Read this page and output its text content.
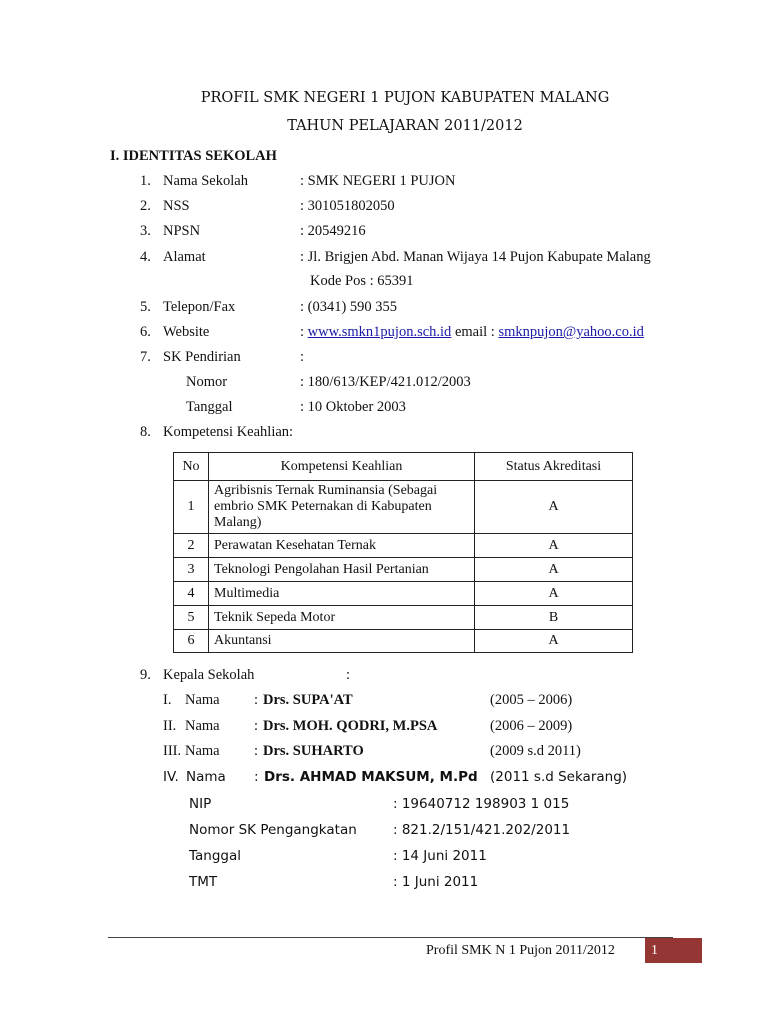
PROFIL SMK NEGERI 1 PUJON KABUPATEN MALANG
TAHUN PELAJARAN 2011/2012
I. IDENTITAS SEKOLAH
1. Nama Sekolah	: SMK NEGERI 1 PUJON
2. NSS	: 301051802050
3. NPSN	: 20549216
4. Alamat	: Jl. Brigjen Abd. Manan Wijaya 14 Pujon Kabupate Malang
Kode Pos : 65391
5. Telepon/Fax	: (0341) 590 355
6. Website	: www.smkn1pujon.sch.id email : smknpujon@yahoo.co.id
7. SK Pendirian	:
Nomor	: 180/613/KEP/421.012/2003
Tanggal	: 10 Oktober 2003
8. Kompetensi Keahlian:
No	Kompetensi Keahlian	Status Akreditasi
1	Agribisnis Ternak Ruminansia (Sebagai embrio SMK Peternakan di Kabupaten Malang)	A
2	Perawatan Kesehatan Ternak	A
3	Teknologi Pengolahan Hasil Pertanian	A
4	Multimedia	A
5	Teknik Sepeda Motor	B
6	Akuntansi	A
9. Kepala Sekolah	:
I. Nama : Drs. SUPA'AT	(2005 – 2006)
II. Nama : Drs. MOH. QODRI, M.PSA	(2006 – 2009)
III. Nama : Drs. SUHARTO	(2009 s.d 2011)
IV. Nama : Drs. AHMAD MAKSUM, M.Pd (2011 s.d Sekarang)
NIP	: 19640712 198903 1 015
Nomor SK Pengangkatan	: 821.2/151/421.202/2011
Tanggal	: 14 Juni 2011
TMT	: 1 Juni 2011
Profil SMK N 1 Pujon 2011/2012	1
